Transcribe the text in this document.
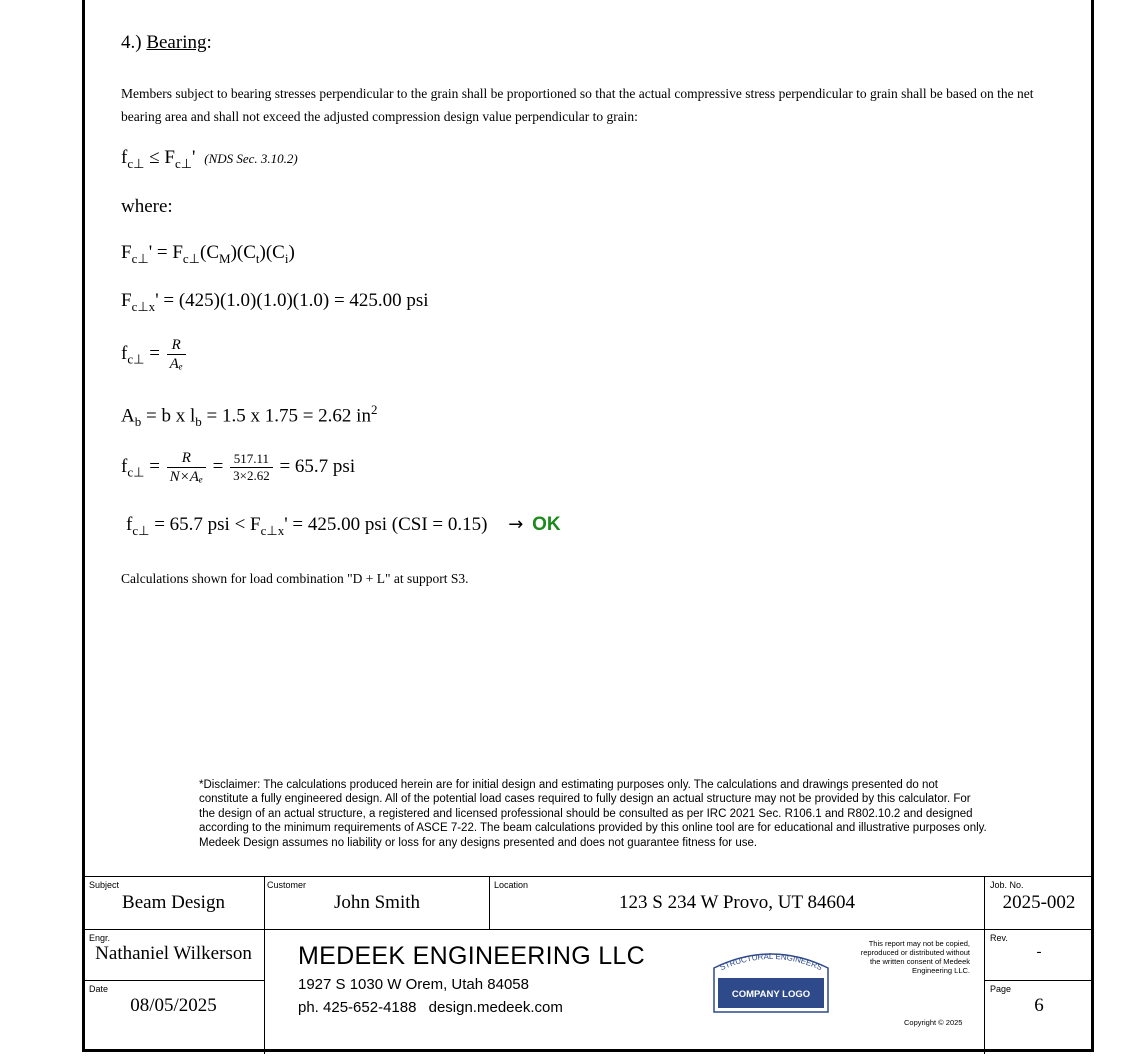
4.) Bearing:
Members subject to bearing stresses perpendicular to the grain shall be proportioned so that the actual compressive stress perpendicular to grain shall be based on the net bearing area and shall not exceed the adjusted compression design value perpendicular to grain:
$f_{c\perp} \le F_{c\perp}'$ (NDS Sec. 3.10.2)
where:
$F_{c\perp}' = F_{c\perp}(C_M)(C_t)(C_i)$
$F_{c\perp x}' = (425)(1.0)(1.0)(1.0) = 425.00$ psi
$f_{c\perp} = \frac{R}{\text{Aₑ}}$
$A_b = b$ x $l_b = 1.5$ x 1.75 = 2.62 $in^2$
$f_{c\perp} = \frac{R}{\text{N×Aₑ}} = \frac{517.11}{3\times 2.62} = 65.7$ psi
$f_{c\perp} = 65.7$ psi < $F_{c\perp x}' = 425.00$ psi (CSI = 0.15) → OK
Calculations shown for load combination "D + L" at support S3.
*Disclaimer: The calculations produced herein are for initial design and estimating purposes only. The calculations and drawings presented do not constitute a fully engineered design. All of the potential load cases required to fully design an actual structure may not be provided by this calculator. For the design of an actual structure, a registered and licensed professional should be consulted as per IRC 2021 Sec. R106.1 and R802.10.2 and designed according to the minimum requirements of ASCE 7-22. The beam calculations provided by this online tool are for educational and illustrative purposes only. Medeek Design assumes no liability or loss for any designs presented and does not guarantee fitness for use.
Subject
Beam Design
Customer
John Smith
Location
123 S 234 W Provo, UT 84604
Job. No.
2025-002
Engr.
Nathaniel Wilkerson
Date
08/05/2025
Rev.
-
Page
6
MEDEEK ENGINEERING LLC
1927 S 1030 W Orem, Utah 84058
ph. 425-652-4188 design.medeek.com
STRUCTURAL ENGINEERS
COMPANY LOGO
This report may not be copied, reproduced or distributed without the written consent of Medeek Engineering LLC.
Copyright © 2025
